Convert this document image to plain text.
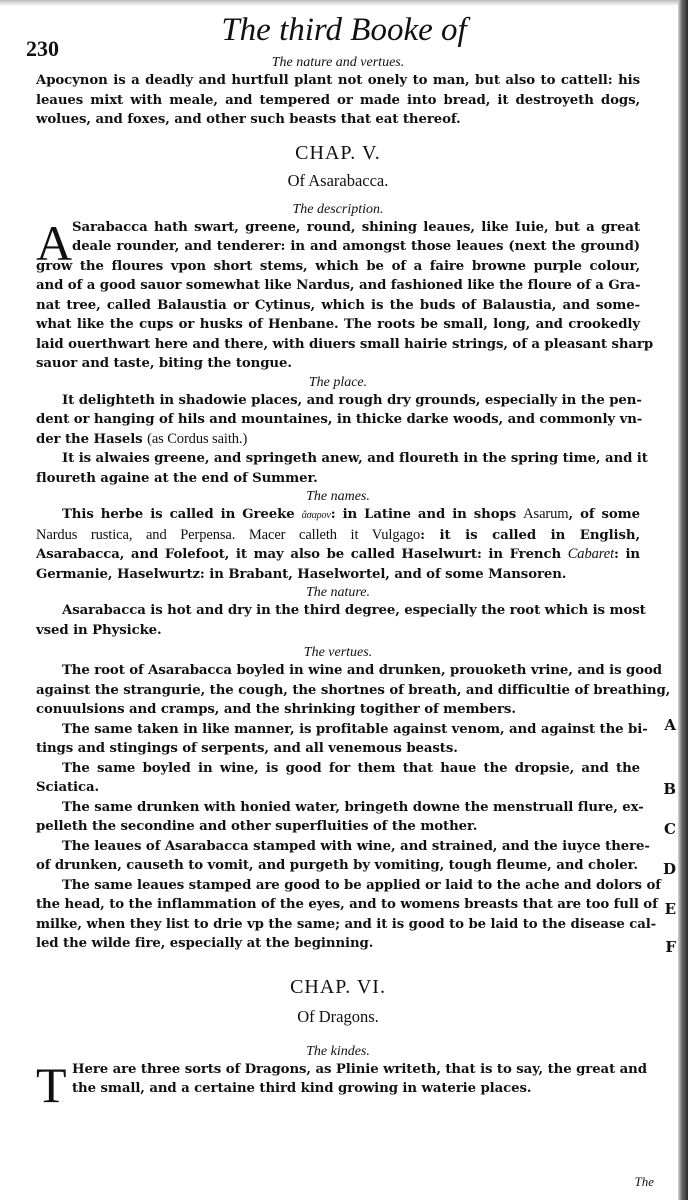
230
The third Booke of

The nature and vertues.

Apocynon is a deadly and hurtfull plant not onely to man, but also to cattell: his

leaues mixt with meale, and tempered or made into bread, it destroyeth dogs,

wolues, and foxes, and other such beasts that eat thereof.

CHAP. V.

Of Asarabacca.

The description.

A Sarabacca hath swart, greene, round, shining leaues, like Iuie, but a great

deale rounder, and tenderer: in and amongst those leaues (next the ground)

grow the floures vpon short stems, which be of a faire browne purple colour,

and of a good sauor somewhat like Nardus, and fashioned like the floure of a Gra-

nat tree, called Balaustia or Cytinus, which is the buds of Balaustia, and some-

what like the cups or husks of Henbane. The roots be small, long, and crookedly

laid ouerthwart here and there, with diuers small hairie strings, of a pleasant sharp

sauor and taste, biting the tongue.

The place.

It delighteth in shadowie places, and rough dry grounds, especially in the pen-

dent or hanging of hils and mountaines, in thicke darke woods, and commonly vn-

der the Hasels (as Cordus saith.)

It is alwaies greene, and springeth anew, and floureth in the spring time, and it

floureth againe at the end of Summer.

The names.

This herbe is called in Greeke ἄσαρον: in Latine and in shops Asarum, of some

Nardus rustica, and Perpensa. Macer calleth it Vulgago: it is called in English,

Asarabacca, and Folefoot, it may also be called Haselwurt: in French Cabaret: in

Germanie, Haselwurtz: in Brabant, Haselwortel, and of some Mansoren.

The nature.

Asarabacca is hot and dry in the third degree, especially the root which is most

vsed in Physicke.

The vertues.

The root of Asarabacca boyled in wine and drunken, prouoketh vrine, and is good

against the strangurie, the cough, the shortnes of breath, and difficultie of breathing,

conuulsions and cramps, and the shrinking togither of members.

The same taken in like manner, is profitable against venom, and against the bi-

tings and stingings of serpents, and all venemous beasts.

The same boyled in wine, is good for them that haue the dropsie, and the

Sciatica.

The same drunken with honied water, bringeth downe the menstruall flure, ex-

pelleth the secondine and other superfluities of the mother.

The leaues of Asarabacca stamped with wine, and strained, and the iuyce there-

of drunken, causeth to vomit, and purgeth by vomiting, tough fleume, and choler.

The same leaues stamped are good to be applied or laid to the ache and dolors of

the head, to the inflammation of the eyes, and to womens breasts that are too full of

milke, when they list to drie vp the same; and it is good to be laid to the disease cal-

led the wilde fire, especially at the beginning.

CHAP. VI.

Of Dragons.

The kindes.

T Here are three sorts of Dragons, as Plinie writeth, that is to say, the great and

the small, and a certaine third kind growing in waterie places.

A
B
C
D
E
F
The
